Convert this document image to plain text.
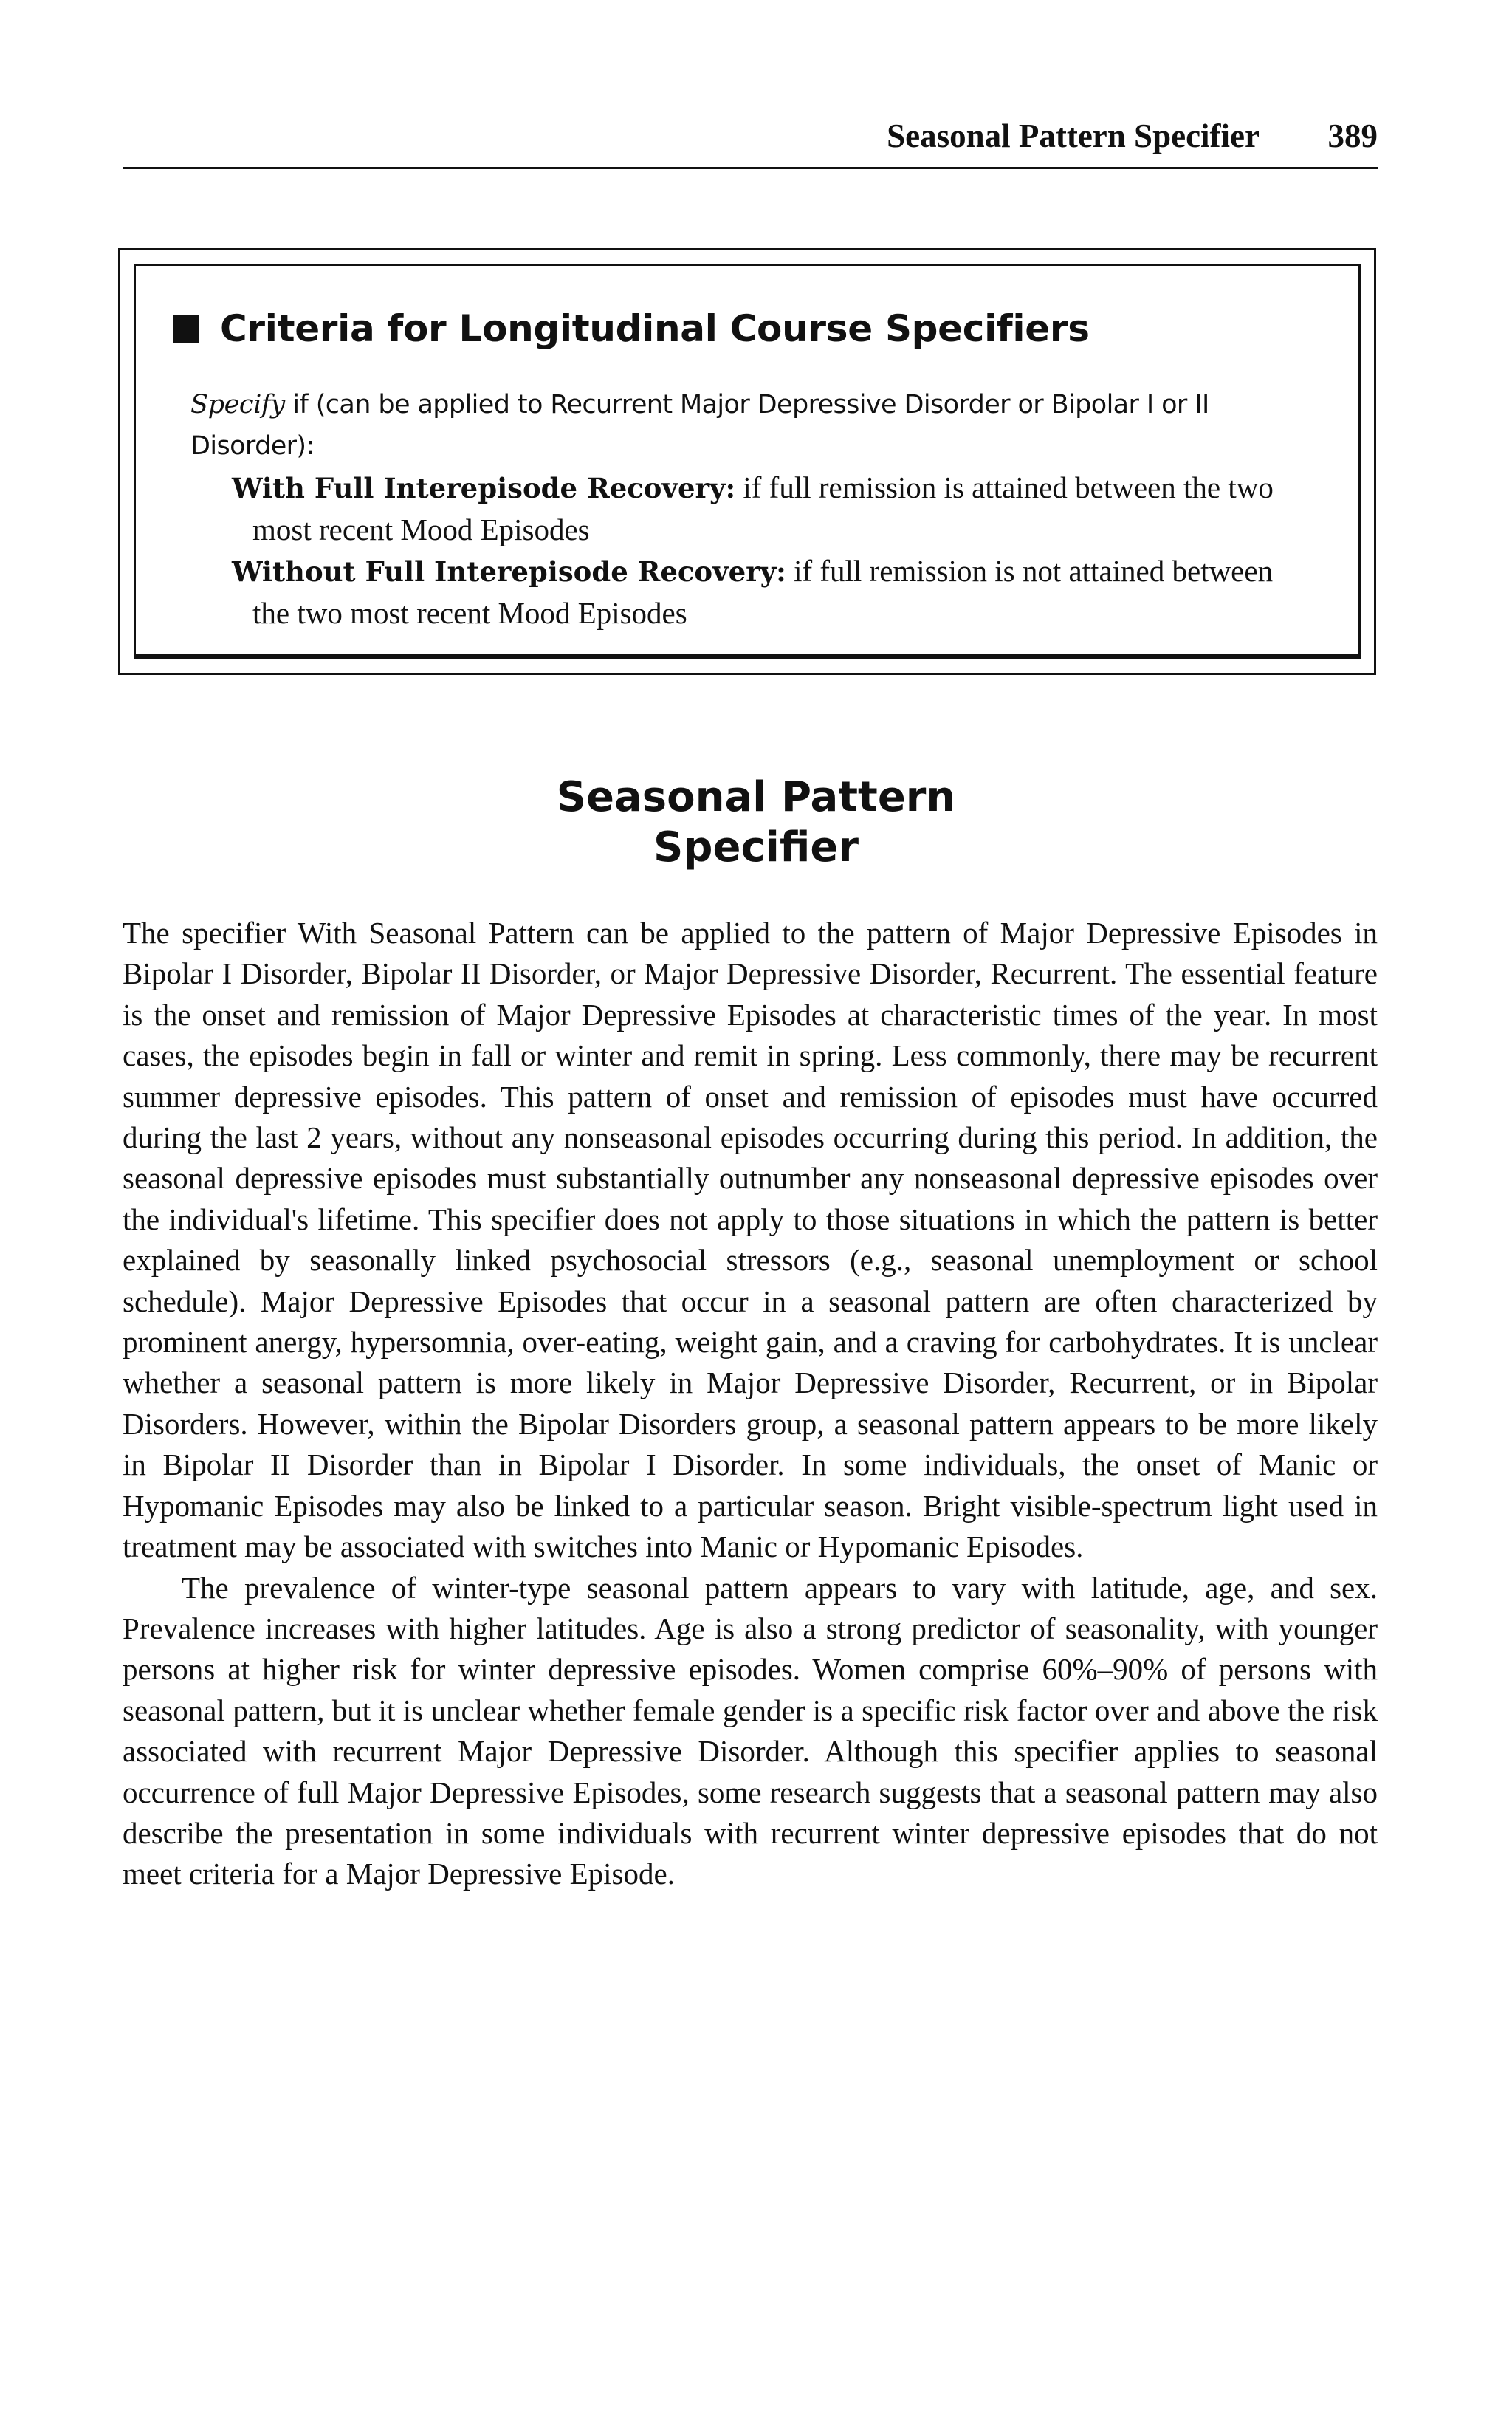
Seasonal Pattern Specifier 389
Criteria for Longitudinal Course Specifiers

Specify if (can be applied to Recurrent Major Depressive Disorder or Bipolar I or II Disorder):

With Full Interepisode Recovery: if full remission is attained between the two most recent Mood Episodes

Without Full Interepisode Recovery: if full remission is not attained between the two most recent Mood Episodes

Seasonal Pattern
Specifier

The specifier With Seasonal Pattern can be applied to the pattern of Major Depressive Episodes in Bipolar I Disorder, Bipolar II Disorder, or Major Depressive Disorder, Recurrent. The essential feature is the onset and remission of Major Depressive Episodes at characteristic times of the year. In most cases, the episodes begin in fall or winter and remit in spring. Less commonly, there may be recurrent summer depressive episodes. This pattern of onset and remission of episodes must have occurred during the last 2 years, without any nonseasonal episodes occurring during this period. In addition, the seasonal depressive episodes must substantially outnumber any nonseasonal depressive episodes over the individual's lifetime. This specifier does not apply to those situations in which the pattern is better explained by seasonally linked psychosocial stressors (e.g., seasonal unemployment or school schedule). Major Depressive Episodes that occur in a seasonal pattern are often characterized by prominent anergy, hypersomnia, over-eating, weight gain, and a craving for carbohydrates. It is unclear whether a seasonal pattern is more likely in Major Depressive Disorder, Recurrent, or in Bipolar Disorders. However, within the Bipolar Disorders group, a seasonal pattern appears to be more likely in Bipolar II Disorder than in Bipolar I Disorder. In some individuals, the onset of Manic or Hypomanic Episodes may also be linked to a particular season. Bright visible-spectrum light used in treatment may be associated with switches into Manic or Hypomanic Episodes.

The prevalence of winter-type seasonal pattern appears to vary with latitude, age, and sex. Prevalence increases with higher latitudes. Age is also a strong predictor of seasonality, with younger persons at higher risk for winter depressive episodes. Women comprise 60%–90% of persons with seasonal pattern, but it is unclear whether female gender is a specific risk factor over and above the risk associated with recurrent Major Depressive Disorder. Although this specifier applies to seasonal occurrence of full Major Depressive Episodes, some research suggests that a seasonal pattern may also describe the presentation in some individuals with recurrent winter depressive episodes that do not meet criteria for a Major Depressive Episode.
